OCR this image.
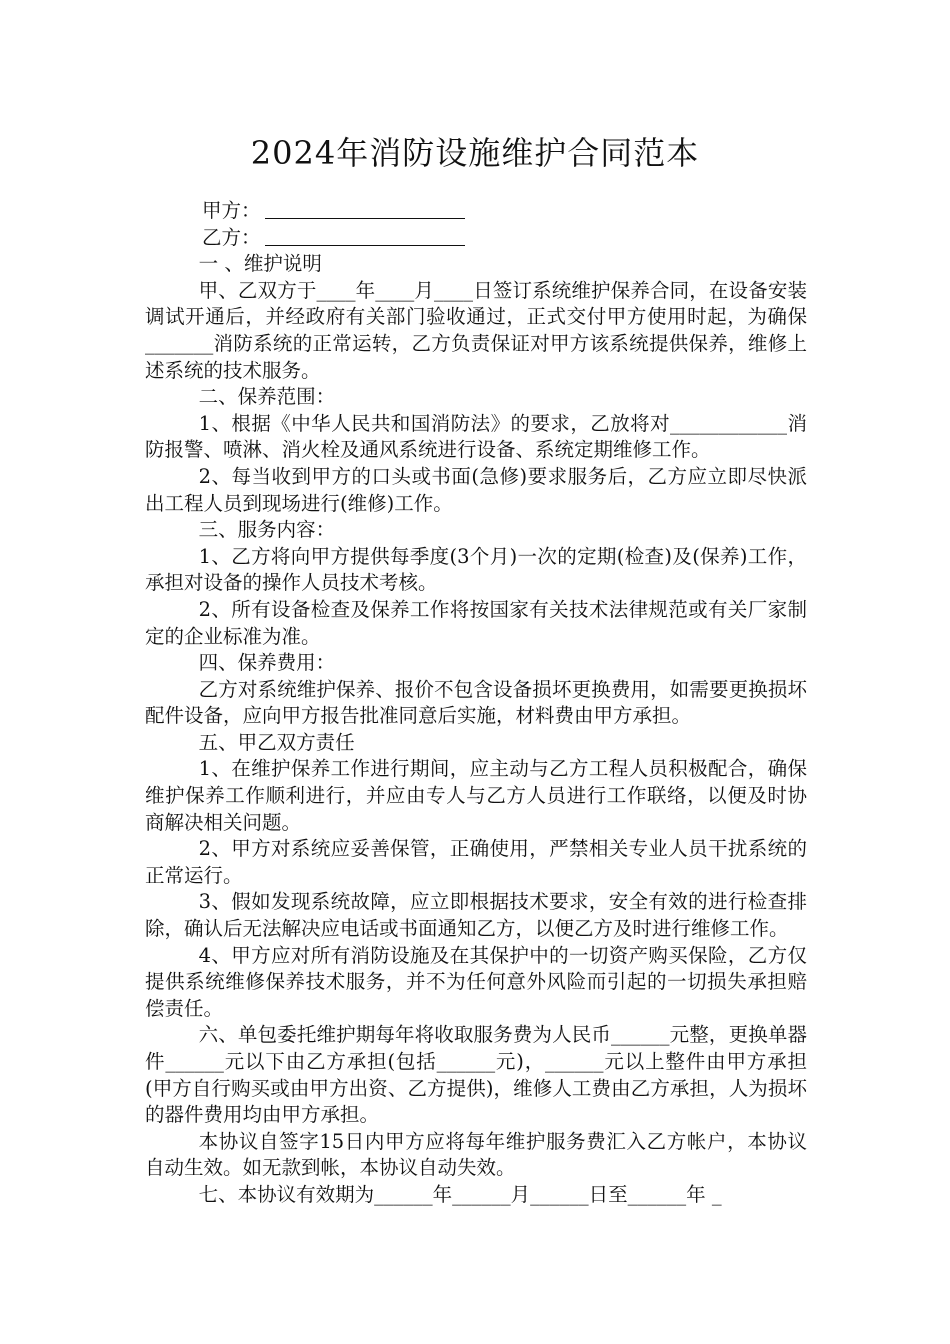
2024年消防设施维护合同范本

甲方：

乙方：

一 、维护说明

甲、乙双方于____年____月____日签订系统维护保养合同，在设备安装调试开通后，并经政府有关部门验收通过，正式交付甲方使用时起，为确保_______消防系统的正常运转，乙方负责保证对甲方该系统提供保养，维修上述系统的技术服务。

二、保养范围：

1、根据《中华人民共和国消防法》的要求，乙放将对____________消防报警、喷淋、消火栓及通风系统进行设备、系统定期维修工作。

2、每当收到甲方的口头或书面(急修)要求服务后，乙方应立即尽快派出工程人员到现场进行(维修)工作。

三、服务内容：

1、乙方将向甲方提供每季度(3个月)一次的定期(检查)及(保养)工作，承担对设备的操作人员技术考核。

2、所有设备检查及保养工作将按国家有关技术法律规范或有关厂家制定的企业标准为准。

四、保养费用：

乙方对系统维护保养、报价不包含设备损坏更换费用，如需要更换损坏配件设备，应向甲方报告批准同意后实施，材料费由甲方承担。

五、甲乙双方责任

1、在维护保养工作进行期间，应主动与乙方工程人员积极配合，确保维护保养工作顺利进行，并应由专人与乙方人员进行工作联络，以便及时协商解决相关问题。

2、甲方对系统应妥善保管，正确使用，严禁相关专业人员干扰系统的正常运行。

3、假如发现系统故障，应立即根据技术要求，安全有效的进行检查排除，确认后无法解决应电话或书面通知乙方，以便乙方及时进行维修工作。

4、甲方应对所有消防设施及在其保护中的一切资产购买保险，乙方仅提供系统维修保养技术服务，并不为任何意外风险而引起的一切损失承担赔偿责任。

六、单包委托维护期每年将收取服务费为人民币______元整，更换单器件______元以下由乙方承担(包括______元)，______元以上整件由甲方承担(甲方自行购买或由甲方出资、乙方提供)，维修人工费由乙方承担，人为损坏的器件费用均由甲方承担。

本协议自签字15日内甲方应将每年维护服务费汇入乙方帐户，本协议自动生效。如无款到帐，本协议自动失效。

七、本协议有效期为______年______月______日至______年 _
